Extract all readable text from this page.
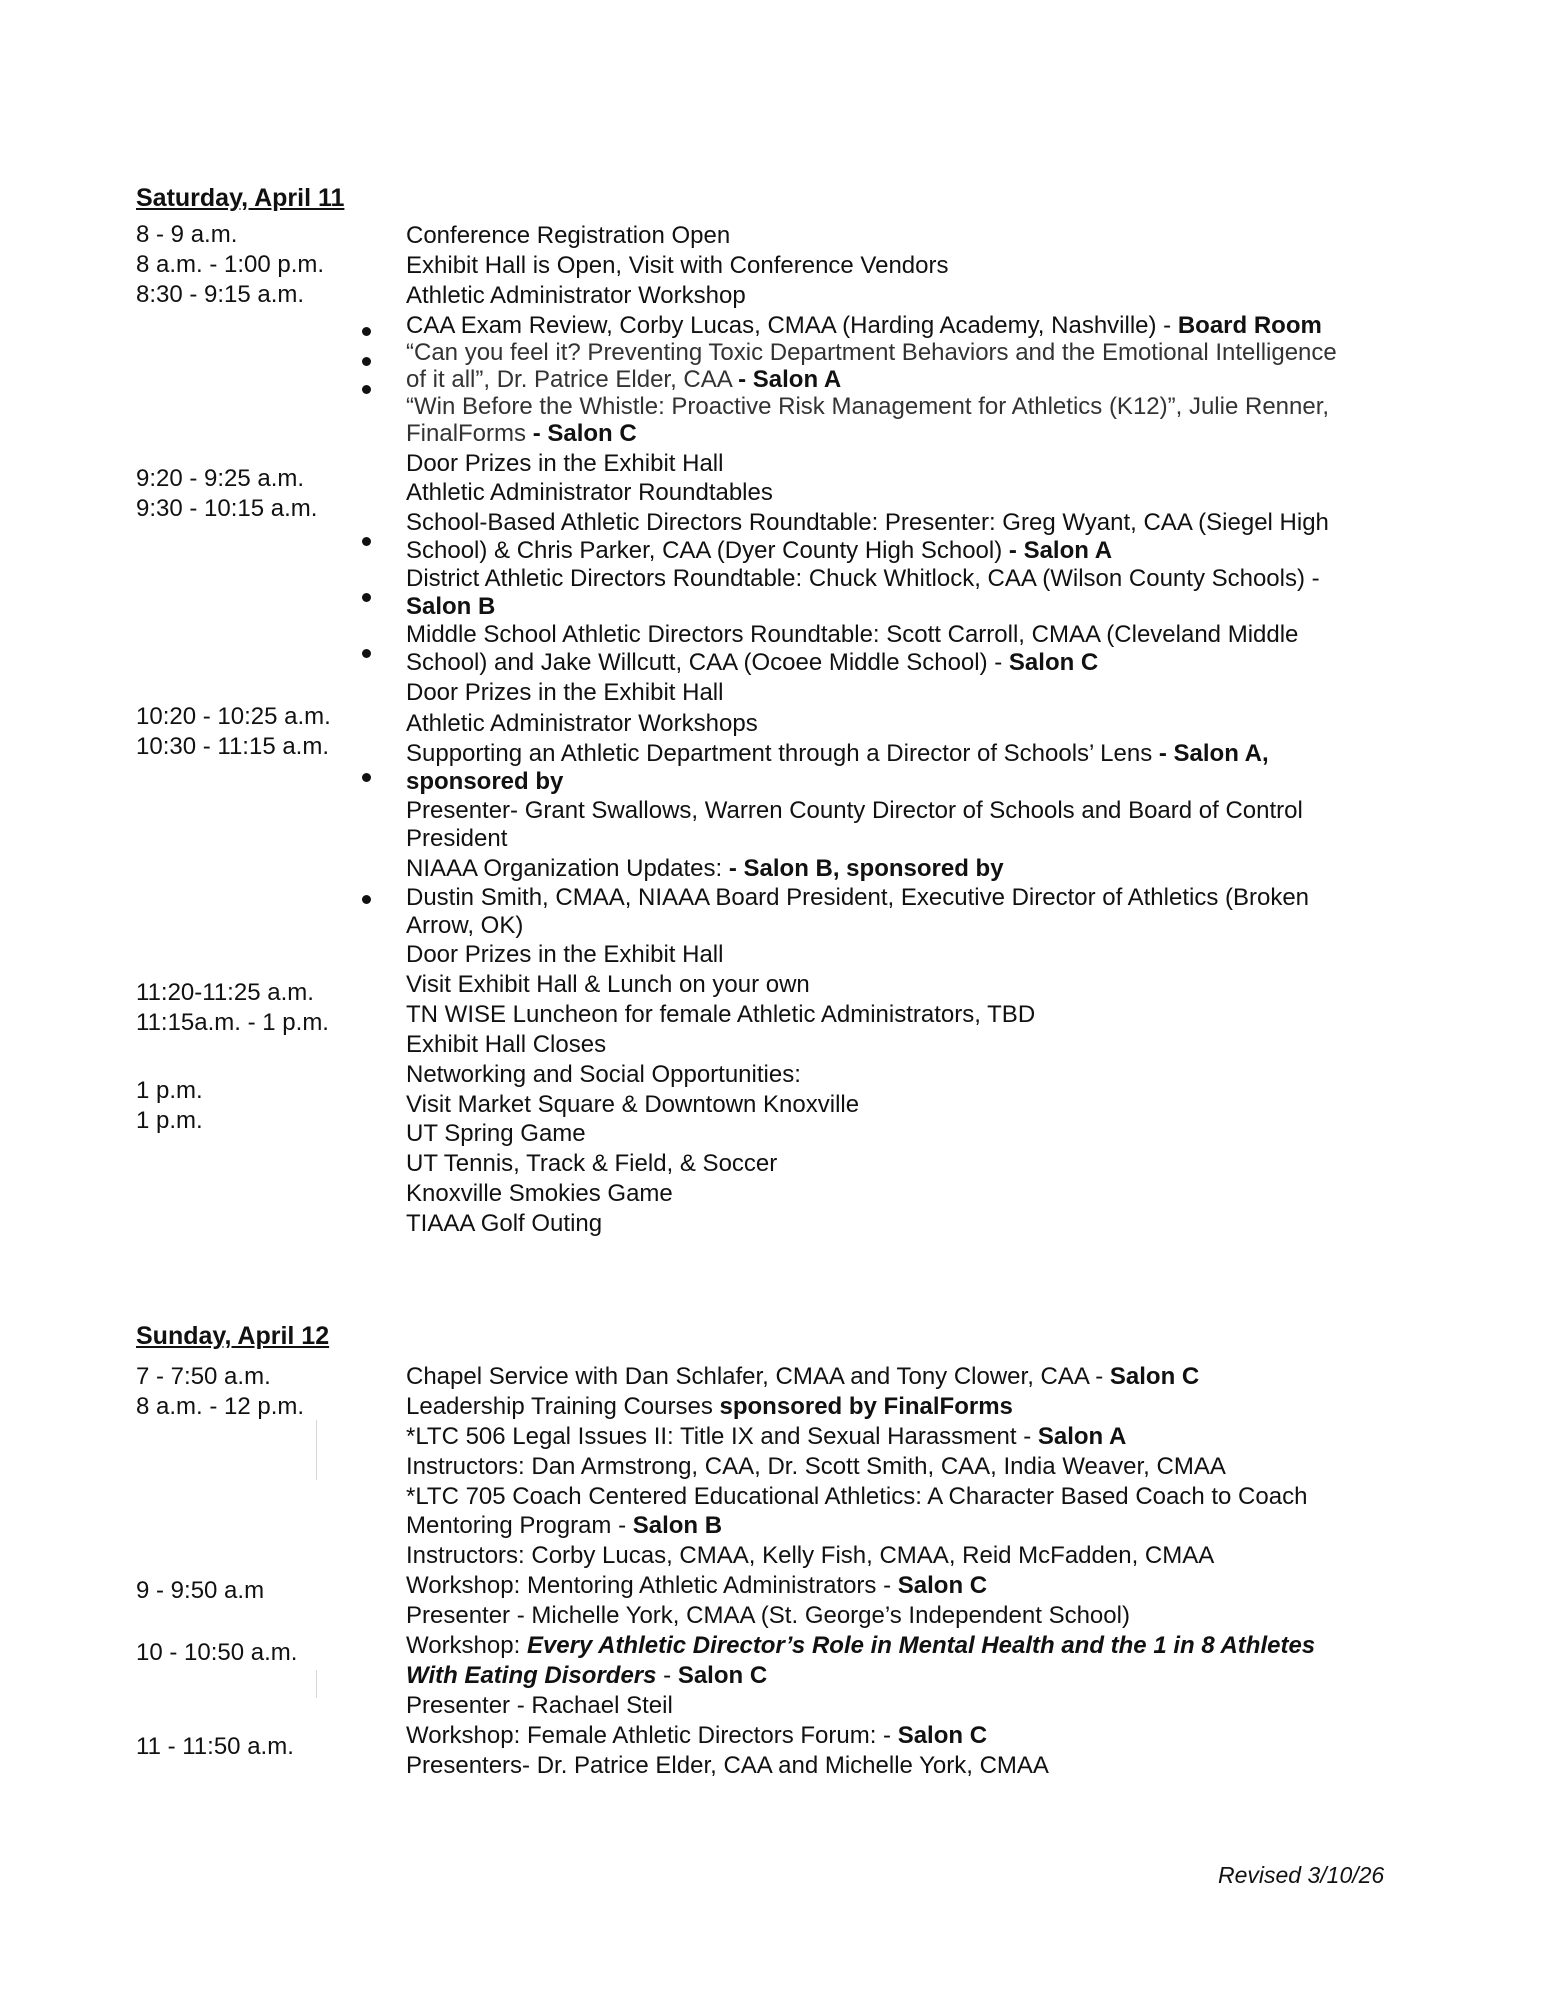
Saturday, April 11
8 - 9 a.m.
8 a.m. - 1:00 p.m.
8:30 - 9:15 a.m.
9:20 - 9:25 a.m.
9:30 - 10:15 a.m.
10:20 - 10:25 a.m.
10:30 - 11:15 a.m.
11:20-11:25 a.m.
11:15a.m. - 1 p.m.
1 p.m.
1 p.m.
Conference Registration Open
Exhibit Hall is Open, Visit with Conference Vendors
Athletic Administrator Workshop
CAA Exam Review, Corby Lucas, CMAA (Harding Academy, Nashville) - Board Room
“Can you feel it? Preventing Toxic Department Behaviors and the Emotional Intelligence
of it all”, Dr. Patrice Elder, CAA - Salon A
“Win Before the Whistle: Proactive Risk Management for Athletics (K12)”, Julie Renner,
FinalForms - Salon C
Door Prizes in the Exhibit Hall
Athletic Administrator Roundtables
School-Based Athletic Directors Roundtable: Presenter: Greg Wyant, CAA (Siegel High
School) & Chris Parker, CAA (Dyer County High School) - Salon A
District Athletic Directors Roundtable: Chuck Whitlock, CAA (Wilson County Schools) -
Salon B
Middle School Athletic Directors Roundtable: Scott Carroll, CMAA (Cleveland Middle
School) and Jake Willcutt, CAA (Ocoee Middle School) - Salon C
Door Prizes in the Exhibit Hall
Athletic Administrator Workshops
Supporting an Athletic Department through a Director of Schools’ Lens - Salon A,
sponsored by
Presenter- Grant Swallows, Warren County Director of Schools and Board of Control
President
NIAAA Organization Updates: - Salon B, sponsored by
Dustin Smith, CMAA, NIAAA Board President, Executive Director of Athletics (Broken
Arrow, OK)
Door Prizes in the Exhibit Hall
Visit Exhibit Hall & Lunch on your own
TN WISE Luncheon for female Athletic Administrators, TBD
Exhibit Hall Closes
Networking and Social Opportunities:
Visit Market Square & Downtown Knoxville
UT Spring Game
UT Tennis, Track & Field, & Soccer
Knoxville Smokies Game
TIAAA Golf Outing
Sunday, April 12
7 - 7:50 a.m.
8 a.m. - 12 p.m.
9 - 9:50 a.m
10 - 10:50 a.m.
11 - 11:50 a.m.
Chapel Service with Dan Schlafer, CMAA and Tony Clower, CAA - Salon C
Leadership Training Courses sponsored by FinalForms
*LTC 506 Legal Issues II: Title IX and Sexual Harassment - Salon A
Instructors: Dan Armstrong, CAA, Dr. Scott Smith, CAA, India Weaver, CMAA
*LTC 705 Coach Centered Educational Athletics: A Character Based Coach to Coach
Mentoring Program - Salon B
Instructors: Corby Lucas, CMAA, Kelly Fish, CMAA, Reid McFadden, CMAA
Workshop: Mentoring Athletic Administrators - Salon C
Presenter - Michelle York, CMAA (St. George’s Independent School)
Workshop: Every Athletic Director’s Role in Mental Health and the 1 in 8 Athletes
With Eating Disorders - Salon C
Presenter - Rachael Steil
Workshop: Female Athletic Directors Forum: - Salon C
Presenters- Dr. Patrice Elder, CAA and Michelle York, CMAA
Revised 3/10/26
